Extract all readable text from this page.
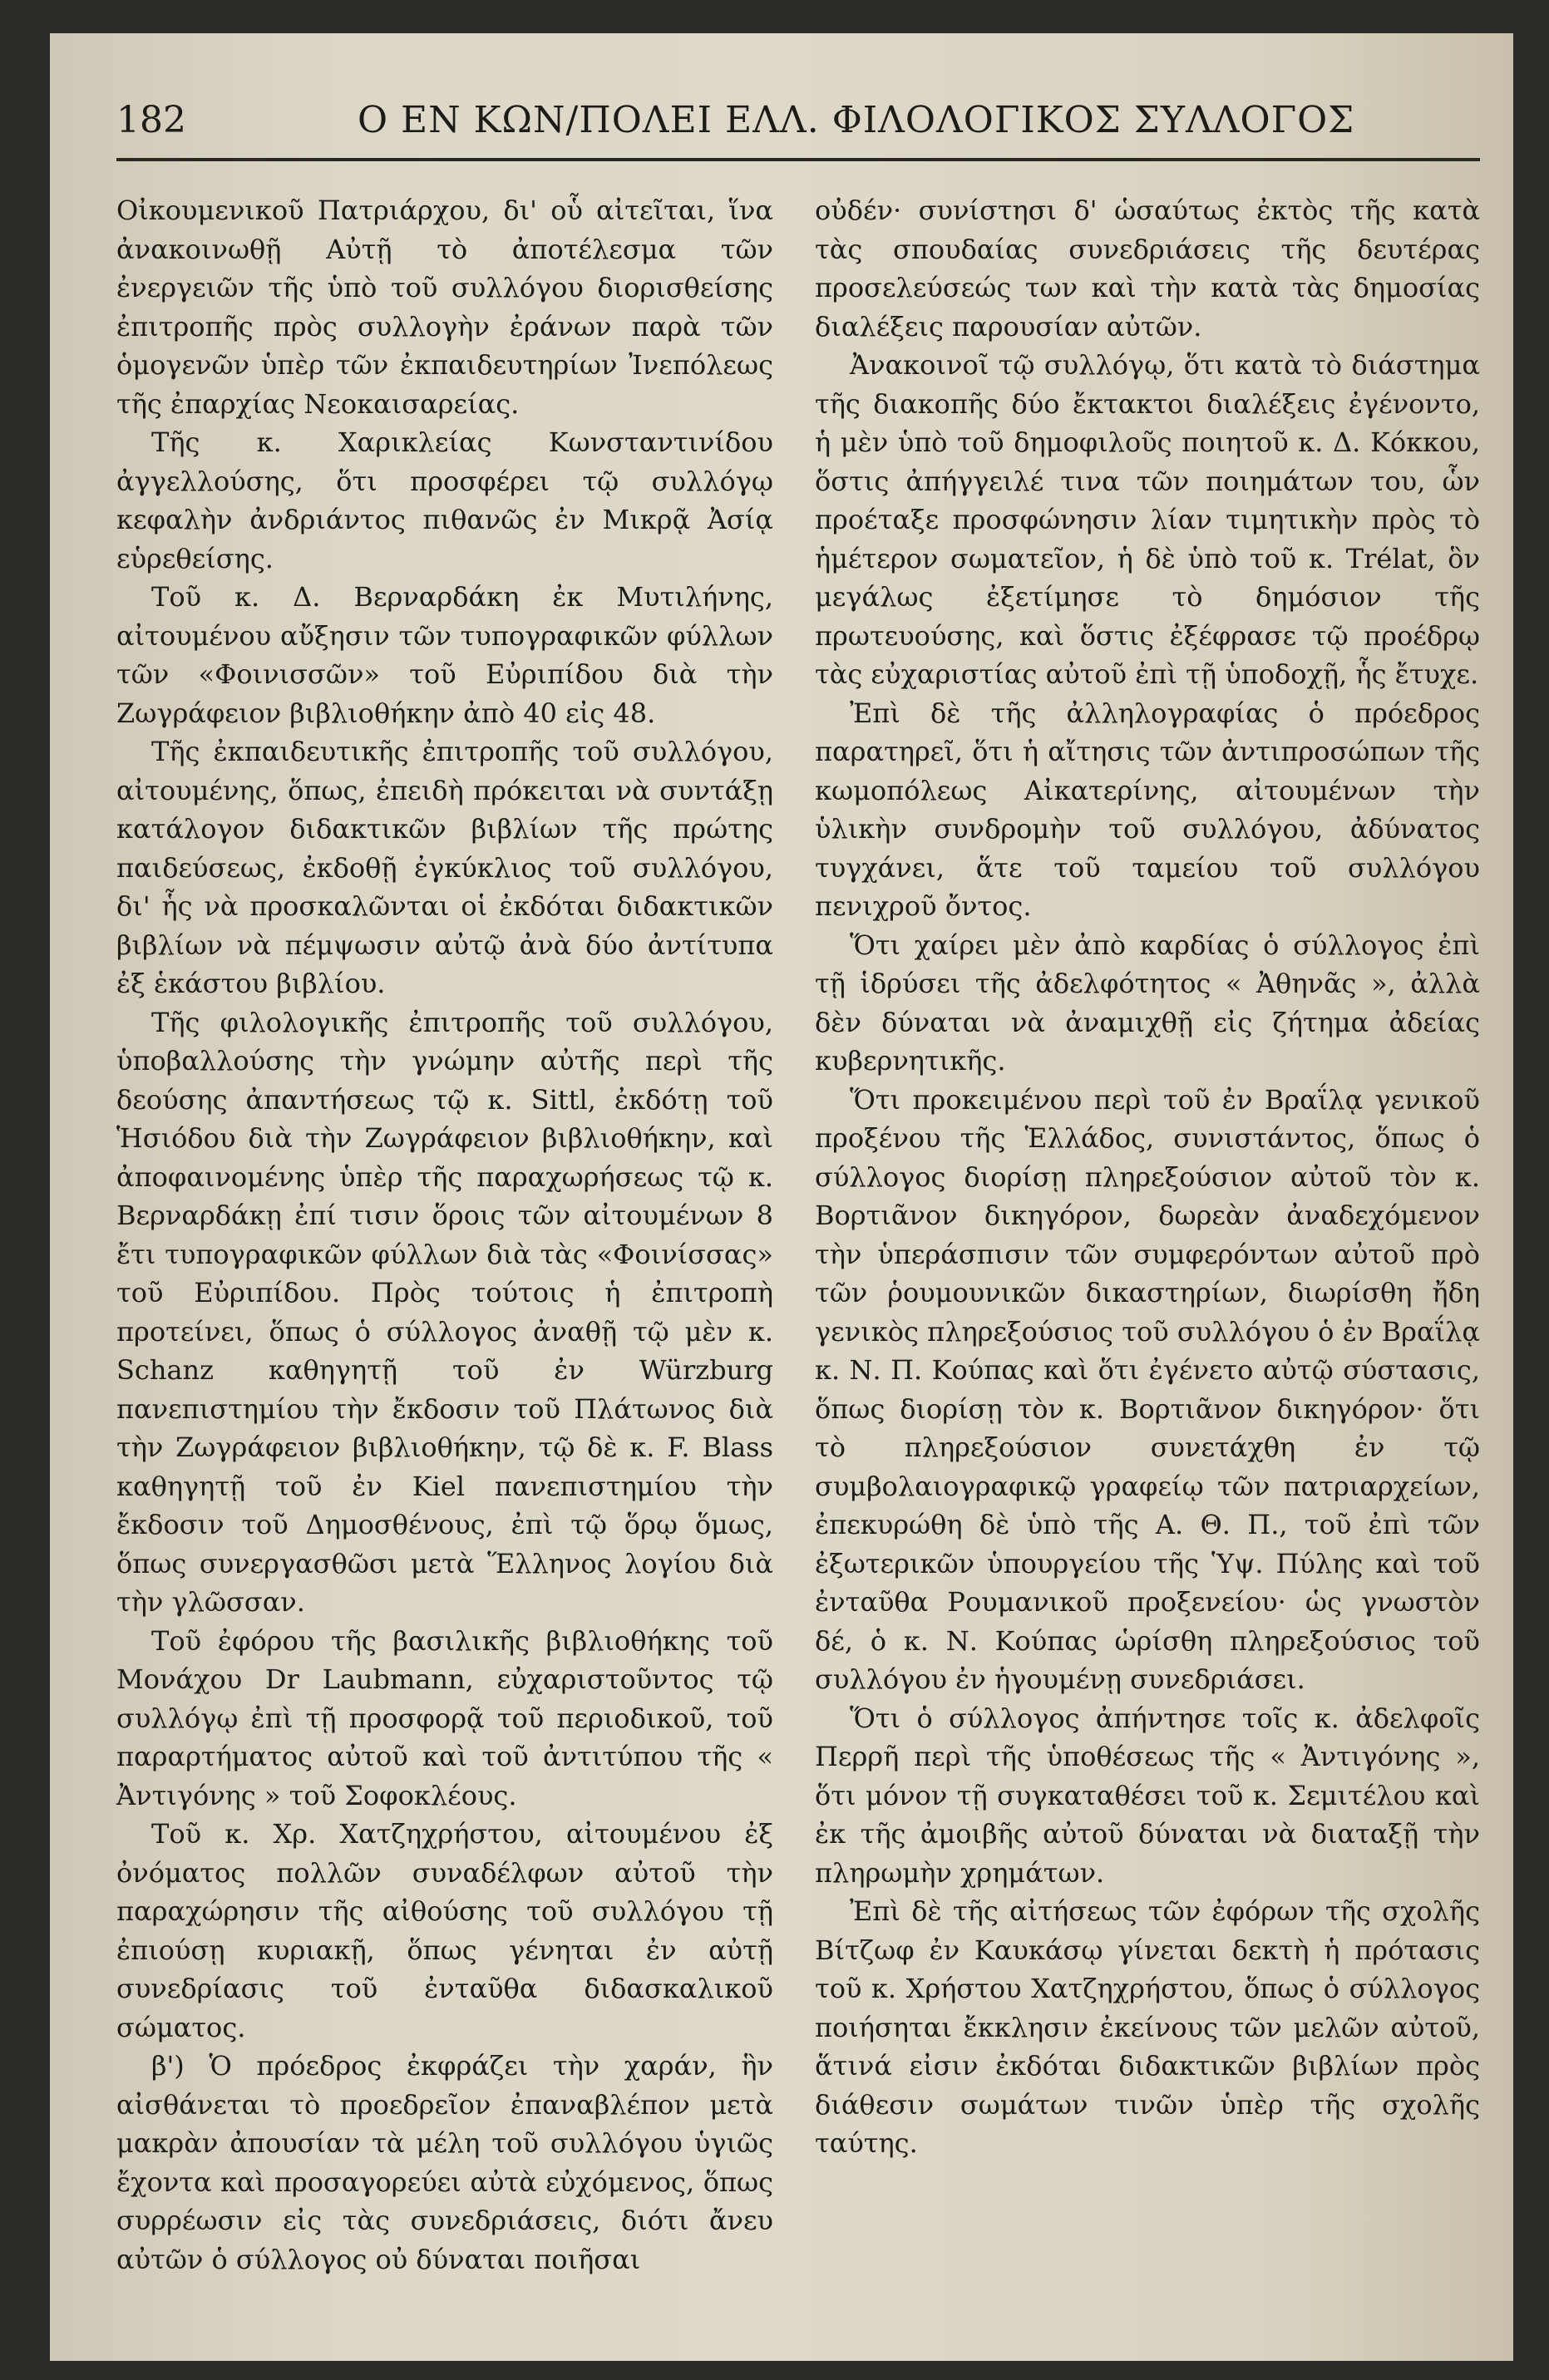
182	Ο ΕΝ ΚΩΝ/ΠΟΛΕΙ ΕΛΛ. ΦΙΛΟΛΟΓΙΚΟΣ ΣΥΛΛΟΓΟΣ

Οἰκουμενικοῦ Πατριάρχου, δι' οὗ αἰτεῖται, ἵνα ἀνακοινωθῇ Αὐτῇ τὸ ἀποτέλεσμα τῶν ἐνεργειῶν τῆς ὑπὸ τοῦ συλλόγου διορισθείσης ἐπιτροπῆς πρὸς συλλογὴν ἐράνων παρὰ τῶν ὁμογενῶν ὑπὲρ τῶν ἐκπαιδευτηρίων Ἰνεπόλεως τῆς ἐπαρχίας Νεοκαισαρείας.

Τῆς κ. Χαρικλείας Κωνσταντινίδου ἀγγελλούσης, ὅτι προσφέρει τῷ συλλόγῳ κεφαλὴν ἀνδριάντος πιθανῶς ἐν Μικρᾷ Ἀσίᾳ εὑρεθείσης.

Τοῦ κ. Δ. Βερναρδάκη ἐκ Μυτιλήνης, αἰτουμένου αὔξησιν τῶν τυπογραφικῶν φύλλων τῶν «Φοινισσῶν» τοῦ Εὐριπίδου διὰ τὴν Ζωγράφειον βιβλιοθήκην ἀπὸ 40 εἰς 48.

Τῆς ἐκπαιδευτικῆς ἐπιτροπῆς τοῦ συλλόγου, αἰτουμένης, ὅπως, ἐπειδὴ πρόκειται νὰ συντάξῃ κατάλογον διδακτικῶν βιβλίων τῆς πρώτης παιδεύσεως, ἐκδοθῇ ἐγκύκλιος τοῦ συλλόγου, δι' ἧς νὰ προσκαλῶνται οἱ ἐκδόται διδακτικῶν βιβλίων νὰ πέμψωσιν αὐτῷ ἀνὰ δύο ἀντίτυπα ἐξ ἑκάστου βιβλίου.

Τῆς φιλολογικῆς ἐπιτροπῆς τοῦ συλλόγου, ὑποβαλλούσης τὴν γνώμην αὐτῆς περὶ τῆς δεούσης ἀπαντήσεως τῷ κ. Sittl, ἐκδότῃ τοῦ Ἡσιόδου διὰ τὴν Ζωγράφειον βιβλιοθήκην, καὶ ἀποφαινομένης ὑπὲρ τῆς παραχωρήσεως τῷ κ. Βερναρδάκῃ ἐπί τισιν ὅροις τῶν αἰτουμένων 8 ἔτι τυπογραφικῶν φύλλων διὰ τὰς «Φοινίσσας» τοῦ Εὐριπίδου. Πρὸς τούτοις ἡ ἐπιτροπὴ προτείνει, ὅπως ὁ σύλλογος ἀναθῇ τῷ μὲν κ. Schanz καθηγητῇ τοῦ ἐν Würzburg πανεπιστημίου τὴν ἔκδοσιν τοῦ Πλάτωνος διὰ τὴν Ζωγράφειον βιβλιοθήκην, τῷ δὲ κ. F. Blass καθηγητῇ τοῦ ἐν Kiel πανεπιστημίου τὴν ἔκδοσιν τοῦ Δημοσθένους, ἐπὶ τῷ ὅρῳ ὅμως, ὅπως συνεργασθῶσι μετὰ Ἕλληνος λογίου διὰ τὴν γλῶσσαν.

Τοῦ ἐφόρου τῆς βασιλικῆς βιβλιοθήκης τοῦ Μονάχου Dr Laubmann, εὐχαριστοῦντος τῷ συλλόγῳ ἐπὶ τῇ προσφορᾷ τοῦ περιοδικοῦ, τοῦ παραρτήματος αὐτοῦ καὶ τοῦ ἀντιτύπου τῆς « Ἀντιγόνης » τοῦ Σοφοκλέους.

Τοῦ κ. Χρ. Χατζηχρήστου, αἰτουμένου ἐξ ὀνόματος πολλῶν συναδέλφων αὐτοῦ τὴν παραχώρησιν τῆς αἰθούσης τοῦ συλλόγου τῇ ἐπιούσῃ κυριακῇ, ὅπως γένηται ἐν αὐτῇ συνεδρίασις τοῦ ἐνταῦθα διδασκαλικοῦ σώματος.

β') Ὁ πρόεδρος ἐκφράζει τὴν χαράν, ἣν αἰσθάνεται τὸ προεδρεῖον ἐπαναβλέπον μετὰ μακρὰν ἀπουσίαν τὰ μέλη τοῦ συλλόγου ὑγιῶς ἔχοντα καὶ προσαγορεύει αὐτὰ εὐχόμενος, ὅπως συρρέωσιν εἰς τὰς συνεδριάσεις, διότι ἄνευ αὐτῶν ὁ σύλλογος οὐ δύναται ποιῆσαι

οὐδέν· συνίστησι δ' ὡσαύτως ἐκτὸς τῆς κατὰ τὰς σπουδαίας συνεδριάσεις τῆς δευτέρας προσελεύσεώς των καὶ τὴν κατὰ τὰς δημοσίας διαλέξεις παρουσίαν αὐτῶν.

Ἀνακοινοῖ τῷ συλλόγῳ, ὅτι κατὰ τὸ διάστημα τῆς διακοπῆς δύο ἔκτακτοι διαλέξεις ἐγένοντο, ἡ μὲν ὑπὸ τοῦ δημοφιλοῦς ποιητοῦ κ. Δ. Κόκκου, ὅστις ἀπήγγειλέ τινα τῶν ποιημάτων του, ὧν προέταξε προσφώνησιν λίαν τιμητικὴν πρὸς τὸ ἡμέτερον σωματεῖον, ἡ δὲ ὑπὸ τοῦ κ. Trélat, ὃν μεγάλως ἐξετίμησε τὸ δημόσιον τῆς πρωτευούσης, καὶ ὅστις ἐξέφρασε τῷ προέδρῳ τὰς εὐχαριστίας αὐτοῦ ἐπὶ τῇ ὑποδοχῇ, ἧς ἔτυχε.

Ἐπὶ δὲ τῆς ἀλληλογραφίας ὁ πρόεδρος παρατηρεῖ, ὅτι ἡ αἴτησις τῶν ἀντιπροσώπων τῆς κωμοπόλεως Αἰκατερίνης, αἰτουμένων τὴν ὑλικὴν συνδρομὴν τοῦ συλλόγου, ἀδύνατος τυγχάνει, ἅτε τοῦ ταμείου τοῦ συλλόγου πενιχροῦ ὄντος.

Ὅτι χαίρει μὲν ἀπὸ καρδίας ὁ σύλλογος ἐπὶ τῇ ἱδρύσει τῆς ἀδελφότητος « Ἀθηνᾶς », ἀλλὰ δὲν δύναται νὰ ἀναμιχθῇ εἰς ζήτημα ἀδείας κυβερνητικῆς.

Ὅτι προκειμένου περὶ τοῦ ἐν Βραΐλᾳ γενικοῦ προξένου τῆς Ἑλλάδος, συνιστάντος, ὅπως ὁ σύλλογος διορίσῃ πληρεξούσιον αὐτοῦ τὸν κ. Βορτιᾶνον δικηγόρον, δωρεὰν ἀναδεχόμενον τὴν ὑπεράσπισιν τῶν συμφερόντων αὐτοῦ πρὸ τῶν ῥουμουνικῶν δικαστηρίων, διωρίσθη ἤδη γενικὸς πληρεξούσιος τοῦ συλλόγου ὁ ἐν Βραΐλᾳ κ. Ν. Π. Κούπας καὶ ὅτι ἐγένετο αὐτῷ σύστασις, ὅπως διορίσῃ τὸν κ. Βορτιᾶνον δικηγόρον· ὅτι τὸ πληρεξούσιον συνετάχθη ἐν τῷ συμβολαιογραφικῷ γραφείῳ τῶν πατριαρχείων, ἐπεκυρώθη δὲ ὑπὸ τῆς Α. Θ. Π., τοῦ ἐπὶ τῶν ἐξωτερικῶν ὑπουργείου τῆς Ὑψ. Πύλης καὶ τοῦ ἐνταῦθα Ρουμανικοῦ προξενείου· ὡς γνωστὸν δέ, ὁ κ. Ν. Κούπας ὡρίσθη πληρεξούσιος τοῦ συλλόγου ἐν ἡγουμένῃ συνεδριάσει.

Ὅτι ὁ σύλλογος ἀπήντησε τοῖς κ. ἀδελφοῖς Περρῆ περὶ τῆς ὑποθέσεως τῆς « Ἀντιγόνης », ὅτι μόνον τῇ συγκαταθέσει τοῦ κ. Σεμιτέλου καὶ ἐκ τῆς ἀμοιβῆς αὐτοῦ δύναται νὰ διαταξῇ τὴν πληρωμὴν χρημάτων.

Ἐπὶ δὲ τῆς αἰτήσεως τῶν ἐφόρων τῆς σχολῆς Βίτζωφ ἐν Καυκάσῳ γίνεται δεκτὴ ἡ πρότασις τοῦ κ. Χρήστου Χατζηχρήστου, ὅπως ὁ σύλλογος ποιήσηται ἔκκλησιν ἐκείνους τῶν μελῶν αὐτοῦ, ἅτινά εἰσιν ἐκδόται διδακτικῶν βιβλίων πρὸς διάθεσιν σωμάτων τινῶν ὑπὲρ τῆς σχολῆς ταύτης.
